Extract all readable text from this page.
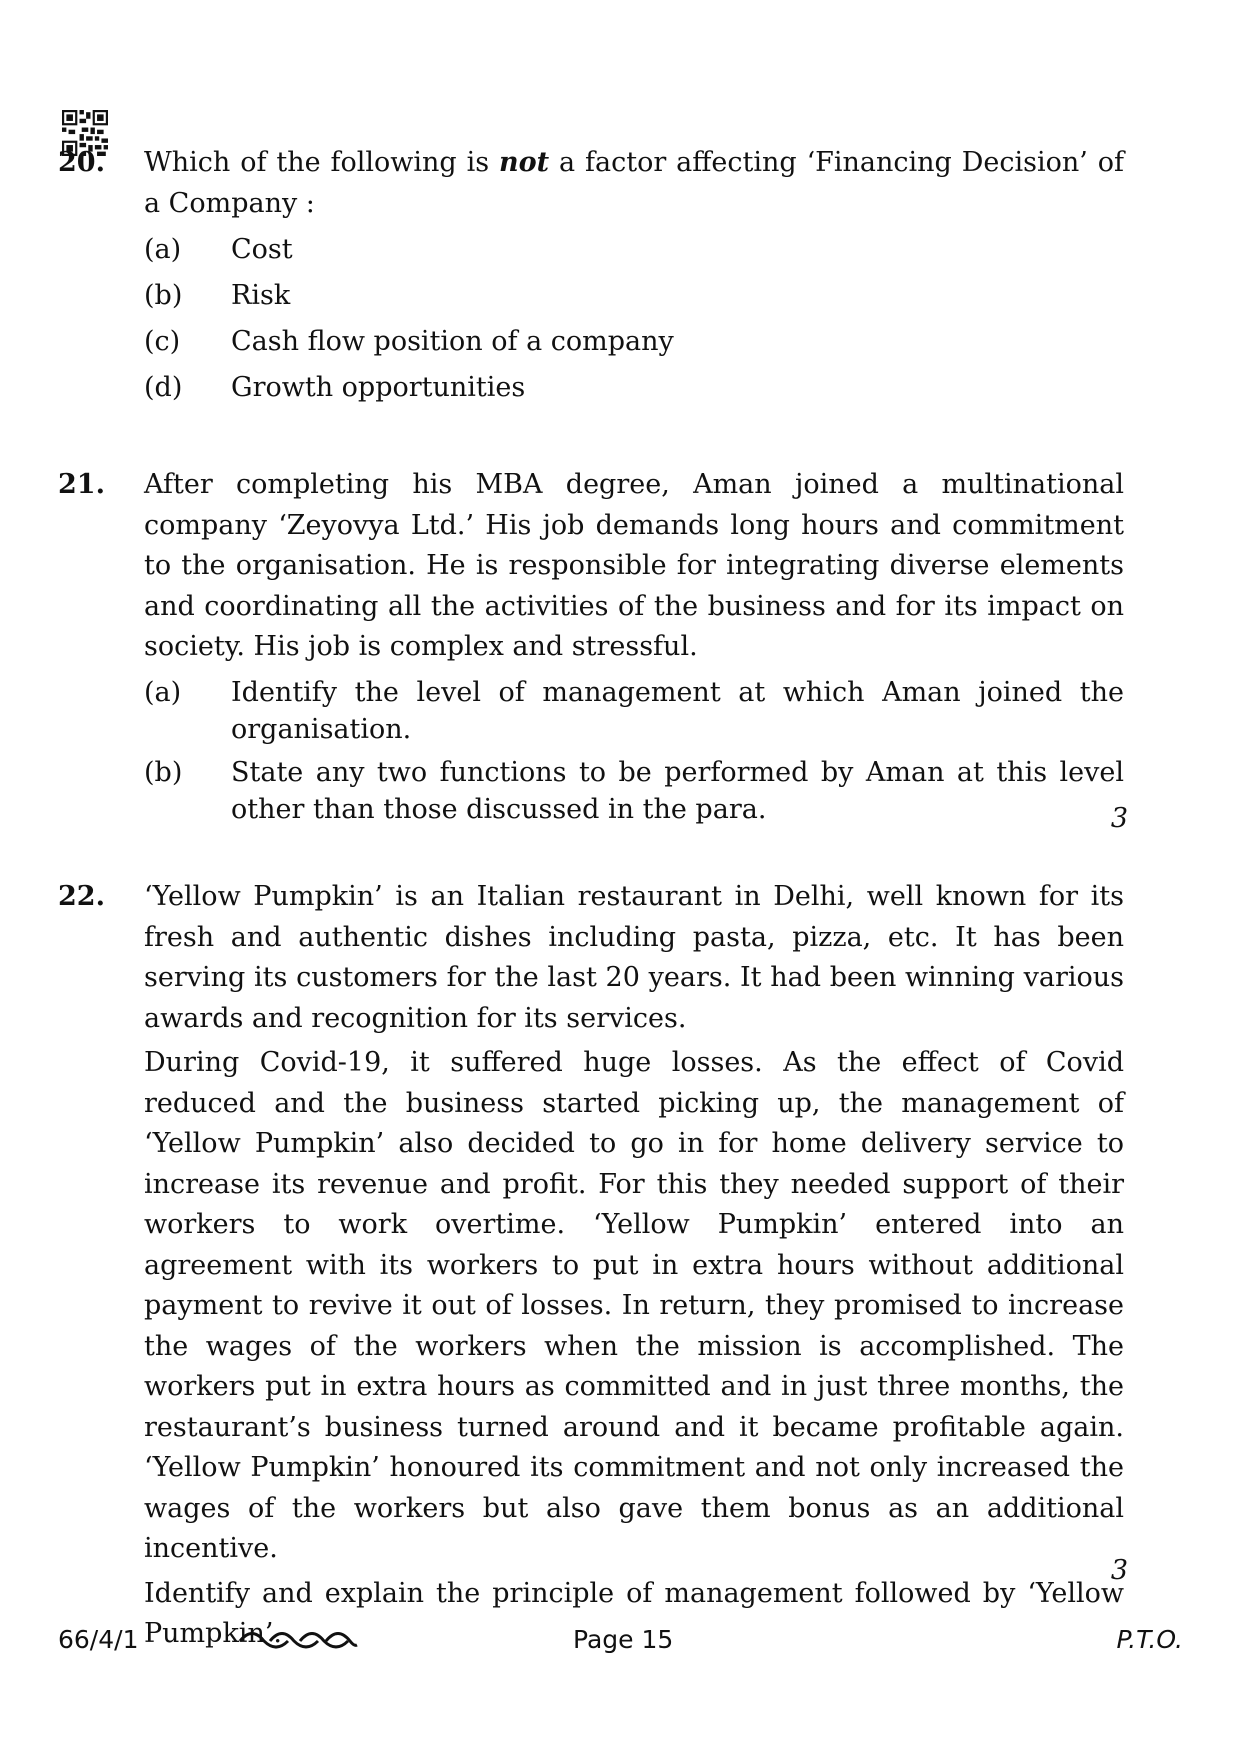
20. Which of the following is not a factor affecting ‘Financing Decision’ of a Company :

(a) Cost
(b) Risk
(c) Cash flow position of a company
(d) Growth opportunities
21. After completing his MBA degree, Aman joined a multinational company ‘Zeyovya Ltd.’ His job demands long hours and commitment to the organisation. He is responsible for integrating diverse elements and coordinating all the activities of the business and for its impact on society. His job is complex and stressful.

(a) Identify the level of management at which Aman joined the organisation.
(b) State any two functions to be performed by Aman at this level other than those discussed in the para.	3
22. ‘Yellow Pumpkin’ is an Italian restaurant in Delhi, well known for its fresh and authentic dishes including pasta, pizza, etc. It has been serving its customers for the last 20 years. It had been winning various awards and recognition for its services.

During Covid-19, it suffered huge losses. As the effect of Covid reduced and the business started picking up, the management of ‘Yellow Pumpkin’ also decided to go in for home delivery service to increase its revenue and profit. For this they needed support of their workers to work overtime. ‘Yellow Pumpkin’ entered into an agreement with its workers to put in extra hours without additional payment to revive it out of losses. In return, they promised to increase the wages of the workers when the mission is accomplished. The workers put in extra hours as committed and in just three months, the restaurant’s business turned around and it became profitable again. ‘Yellow Pumpkin’ honoured its commitment and not only increased the wages of the workers but also gave them bonus as an additional incentive.

Identify and explain the principle of management followed by ‘Yellow Pumpkin’.

3
66/4/1	Page 15	P.T.O.
